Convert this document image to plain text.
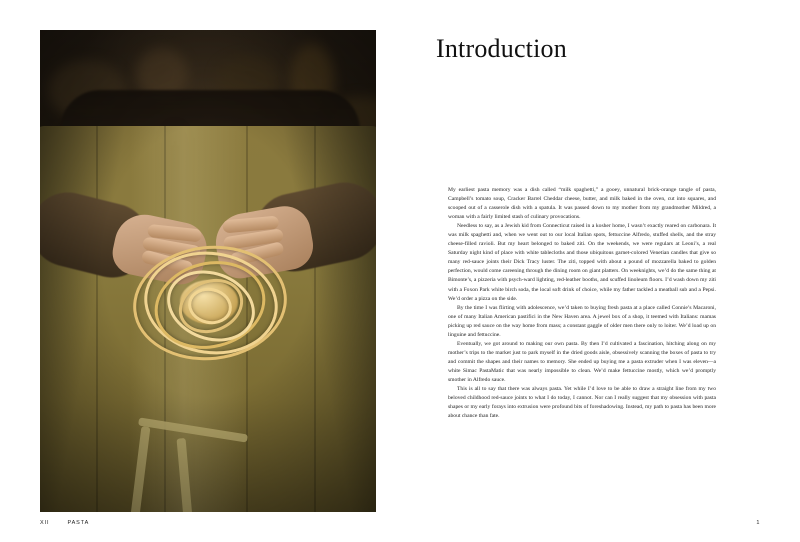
XII	PASTA
Introduction

My earliest pasta memory was a dish called “milk spaghetti,” a gooey, unnatural brick-orange tangle of pasta, Campbell’s tomato soup, Cracker Barrel Cheddar cheese, butter, and milk baked in the oven, cut into squares, and scooped out of a casserole dish with a spatula. It was passed down to my mother from my grandmother Mildred, a woman with a fairly limited stash of culinary provocations.

Needless to say, as a Jewish kid from Connecticut raised in a kosher home, I wasn’t exactly reared on carbonara. It was milk spaghetti and, when we went out to our local Italian spots, fettuccine Alfredo, stuffed shells, and the stray cheese-filled ravioli. But my heart belonged to baked ziti. On the weekends, we were regulars at Leoni’s, a real Saturday night kind of place with white tablecloths and those ubiquitous garnet-colored Venetian candles that give so many red-sauce joints their Dick Tracy luster. The ziti, topped with about a pound of mozzarella baked to golden perfection, would come careening through the dining room on giant platters. On weeknights, we’d do the same thing at Bimonte’s, a pizzeria with psych-ward lighting, red-leather booths, and scuffed linoleum floors. I’d wash down my ziti with a Foxon Park white birch soda, the local soft drink of choice, while my father tackled a meatball sub and a Pepsi. We’d order a pizza on the side.

By the time I was flirting with adolescence, we’d taken to buying fresh pasta at a place called Connie’s Macaroni, one of many Italian American pastifici in the New Haven area. A jewel box of a shop, it teemed with Italians: mamas picking up red sauce on the way home from mass; a constant gaggle of older men there only to loiter. We’d load up on linguine and fettuccine.

Eventually, we got around to making our own pasta. By then I’d cultivated a fascination, hitching along on my mother’s trips to the market just to park myself in the dried goods aisle, obsessively scanning the boxes of pasta to try and commit the shapes and their names to memory. She ended up buying me a pasta extruder when I was eleven—a white Simac PastaMatic that was nearly impossible to clean. We’d make fettuccine mostly, which we’d promptly smother in Alfredo sauce.

This is all to say that there was always pasta. Yet while I’d love to be able to draw a straight line from my two beloved childhood red-sauce joints to what I do today, I cannot. Nor can I really suggest that my obsession with pasta shapes or my early forays into extrusion were profound bits of foreshadowing. Instead, my path to pasta has been more about chance than fate.

1
